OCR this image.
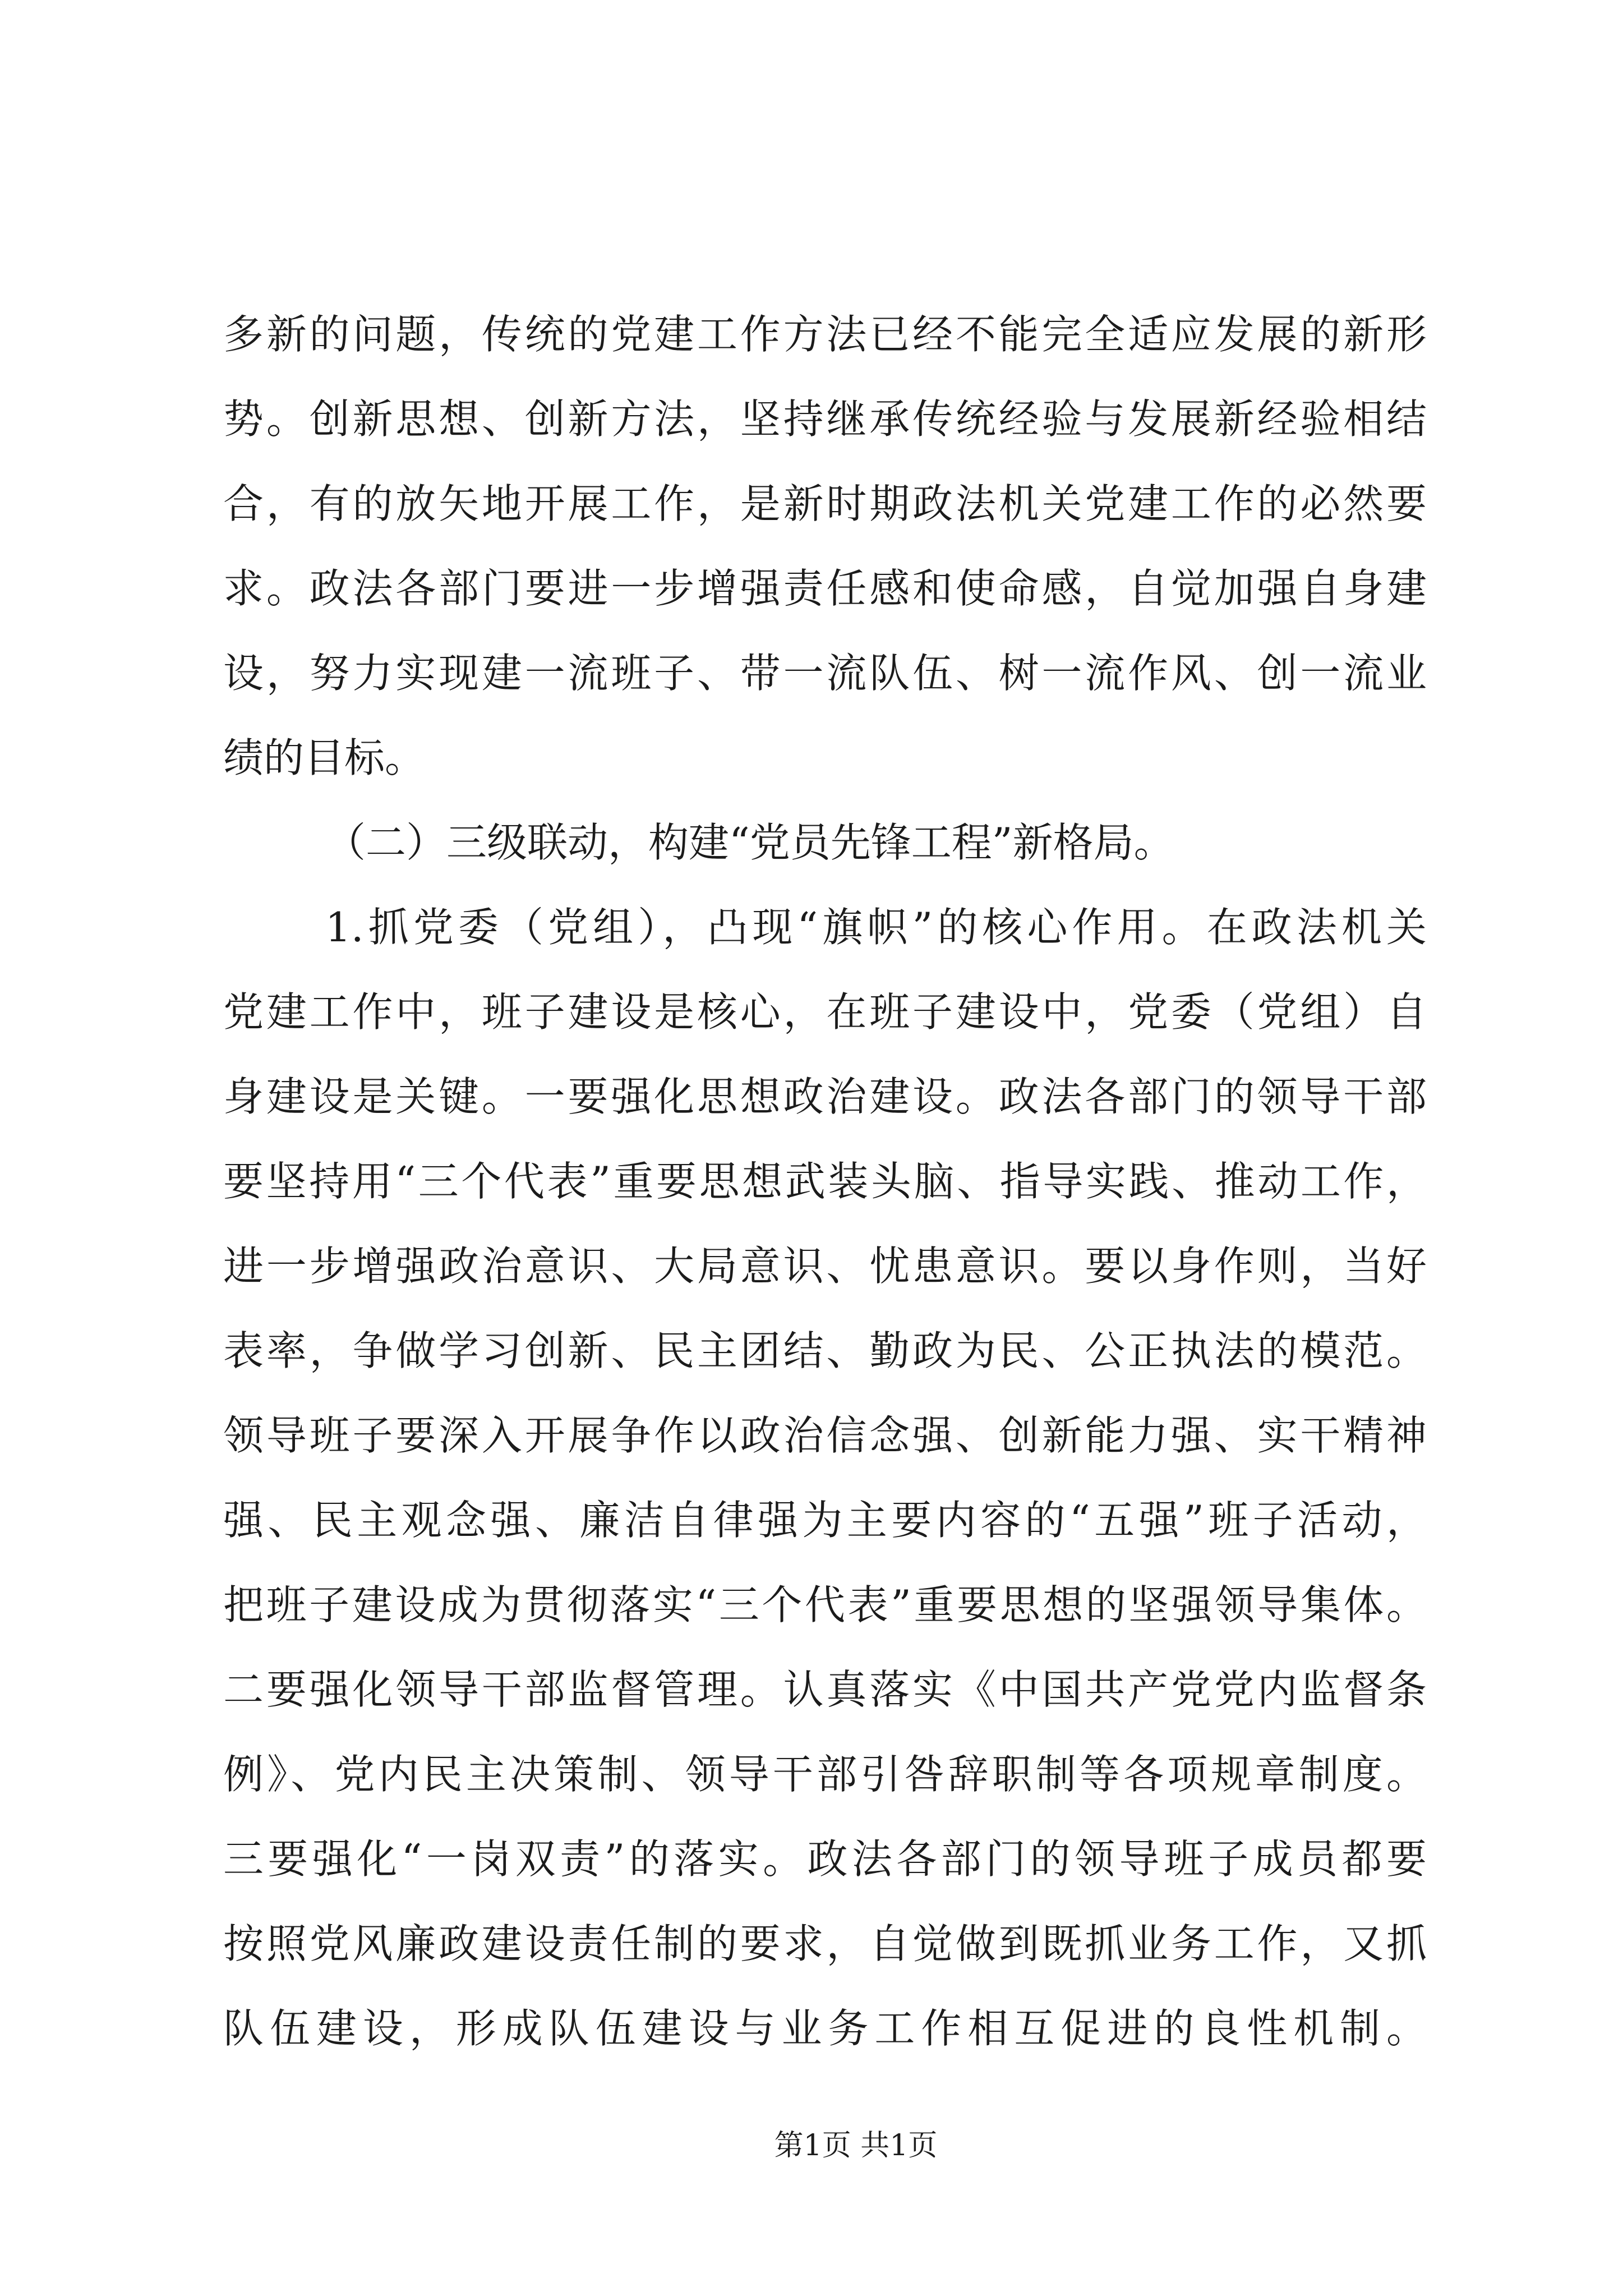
多新的问题，传统的党建工作方法已经不能完全适应发展的新形
势。创新思想、创新方法，坚持继承传统经验与发展新经验相结
合，有的放矢地开展工作，是新时期政法机关党建工作的必然要
求。政法各部门要进一步增强责任感和使命感，自觉加强自身建
设，努力实现建一流班子、带一流队伍、树一流作风、创一流业
绩的目标。
（二）三级联动，构建“党员先锋工程”新格局。
1.抓党委（党组），凸现“旗帜”的核心作用。在政法机关
党建工作中，班子建设是核心，在班子建设中，党委（党组）自
身建设是关键。一要强化思想政治建设。政法各部门的领导干部
要坚持用“三个代表”重要思想武装头脑、指导实践、推动工作，
进一步增强政治意识、大局意识、忧患意识。要以身作则，当好
表率，争做学习创新、民主团结、勤政为民、公正执法的模范。
领导班子要深入开展争作以政治信念强、创新能力强、实干精神
强、民主观念强、廉洁自律强为主要内容的“五强”班子活动，
把班子建设成为贯彻落实“三个代表”重要思想的坚强领导集体。
二要强化领导干部监督管理。认真落实《中国共产党党内监督条
例》、党内民主决策制、领导干部引咎辞职制等各项规章制度。
三要强化“一岗双责”的落实。政法各部门的领导班子成员都要
按照党风廉政建设责任制的要求，自觉做到既抓业务工作，又抓
队伍建设，形成队伍建设与业务工作相互促进的良性机制。
第1页 共1页
